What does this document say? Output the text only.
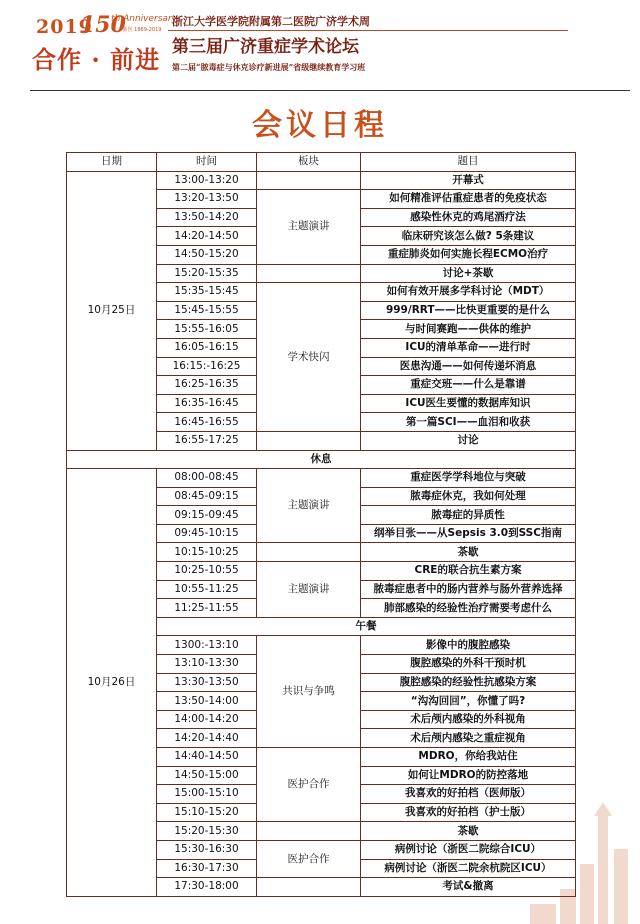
2019
150
th Anniversary
第二·浙医 1869-2019
合作 · 前进
浙江大学医学院附属第二医院广济学术周
第三届广济重症学术论坛
第二届“脓毒症与休克诊疗新进展”省级继续教育学习班
会议日程
日期	时间	板块	题目
10月25日	13:00-13:20		开幕式
	13:20-13:50	主题演讲	如何精准评估重症患者的免疫状态
	13:50-14:20		感染性休克的鸡尾酒疗法
	14:20-14:50		临床研究该怎么做? 5条建议
	14:50-15:20		重症肺炎如何实施长程ECMO治疗
	15:20-15:35		讨论+茶歇
	15:35-15:45	学术快闪	如何有效开展多学科讨论（MDT）
	15:45-15:55		999/RRT——比快更重要的是什么
	15:55-16:05		与时间赛跑——供体的维护
	16:05-16:15		ICU的清单革命——进行时
	16:15:-16:25		医患沟通——如何传递坏消息
	16:25-16:35		重症交班——什么是靠谱
	16:35-16:45		ICU医生要懂的数据库知识
	16:45-16:55		第一篇SCI——血泪和收获
	16:55-17:25		讨论
休息			
10月26日	08:00-08:45	主题演讲	重症医学学科地位与突破
	08:45-09:15		脓毒症休克，我如何处理
	09:15-09:45		脓毒症的异质性
	09:45-10:15		纲举目张——从Sepsis 3.0到SSC指南
	10:15-10:25		茶歇
	10:25-10:55	主题演讲	CRE的联合抗生素方案
	10:55-11:25		脓毒症患者中的肠内营养与肠外营养选择
	11:25-11:55		肺部感染的经验性治疗需要考虑什么
	午餐		
	1300:-13:10	共识与争鸣	影像中的腹腔感染
	13:10-13:30		腹腔感染的外科干预时机
	13:30-13:50		腹腔感染的经验性抗感染方案
	13:50-14:00		“沟沟回回”，你懂了吗?
	14:00-14:20		术后颅内感染的外科视角
	14:20-14:40		术后颅内感染之重症视角
	14:40-14:50	医护合作	MDRO，你给我站住
	14:50-15:00		如何让MDRO的防控落地
	15:00-15:10		我喜欢的好拍档（医师版）
	15:10-15:20		我喜欢的好拍档（护士版）
	15:20-15:30		茶歇
	15:30-16:30	医护合作	病例讨论（浙医二院综合ICU）
	16:30-17:30		病例讨论（浙医二院余杭院区ICU）
	17:30-18:00		考试&撤离
